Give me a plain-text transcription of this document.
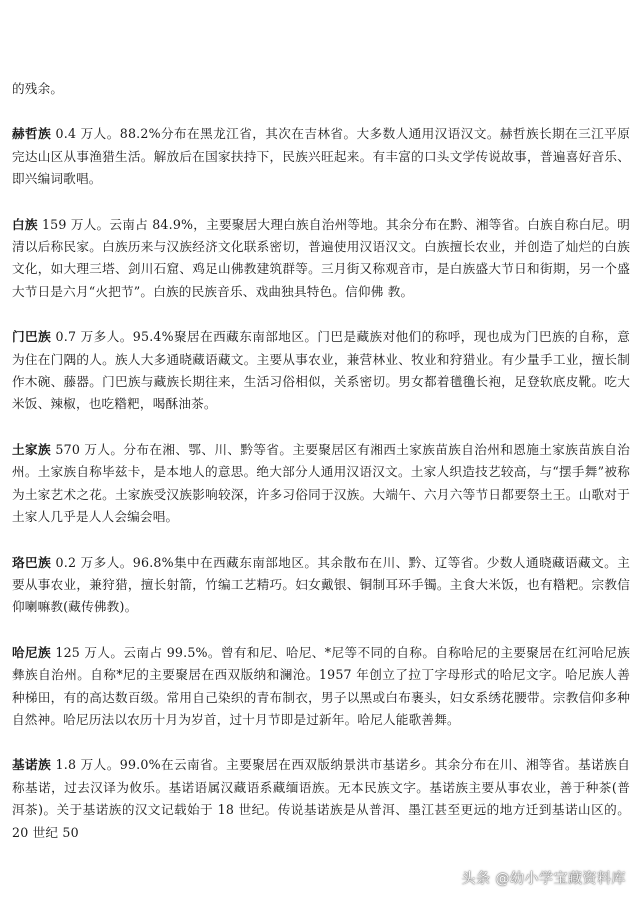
的残余。

赫哲族 0.4 万人。88.2%分布在黑龙江省，其次在吉林省。大多数人通用汉语汉文。赫哲族长期在三江平原完达山区从事渔猎生活。解放后在国家扶持下，民族兴旺起来。有丰富的口头文学传说故事，普遍喜好音乐、即兴编词歌唱。

白族 159 万人。云南占 84.9%，主要聚居大理白族自治州等地。其余分布在黔、湘等省。白族自称白尼。明清以后称民家。白族历来与汉族经济文化联系密切，普遍使用汉语汉文。白族擅长农业，并创造了灿烂的白族文化，如大理三塔、剑川石窟、鸡足山佛教建筑群等。三月街又称观音市，是白族盛大节日和街期，另一个盛大节日是六月“火把节”。白族的民族音乐、戏曲独具特色。信仰佛 教。

门巴族 0.7 万多人。95.4%聚居在西藏东南部地区。门巴是藏族对他们的称呼，现也成为门巴族的自称，意为住在门隅的人。族人大多通晓藏语藏文。主要从事农业，兼营林业、牧业和狩猎业。有少量手工业，擅长制作木碗、藤器。门巴族与藏族长期往来，生活习俗相似，关系密切。男女都着氆氇长袍，足登软底皮靴。吃大米饭、辣椒，也吃糌粑，喝酥油茶。

土家族 570 万人。分布在湘、鄂、川、黔等省。主要聚居区有湘西土家族苗族自治州和恩施土家族苗族自治州。土家族自称毕兹卡，是本地人的意思。绝大部分人通用汉语汉文。土家人织造技艺较高，与“摆手舞”被称为土家艺术之花。土家族受汉族影响较深，许多习俗同于汉族。大端午、六月六等节日都要祭土王。山歌对于土家人几乎是人人会编会唱。

珞巴族 0.2 万多人。96.8%集中在西藏东南部地区。其余散布在川、黔、辽等省。少数人通晓藏语藏文。主要从事农业，兼狩猎，擅长射箭，竹编工艺精巧。妇女戴银、铜制耳环手镯。主食大米饭，也有糌粑。宗教信仰喇嘛教(藏传佛教)。

哈尼族 125 万人。云南占 99.5%。曾有和尼、哈尼、*尼等不同的自称。自称哈尼的主要聚居在红河哈尼族彝族自治州。自称*尼的主要聚居在西双版纳和澜沧。1957 年创立了拉丁字母形式的哈尼文字。哈尼族人善种梯田，有的高达数百级。常用自己染织的青布制衣，男子以黑或白布裹头，妇女系绣花腰带。宗教信仰多种自然神。哈尼历法以农历十月为岁首，过十月节即是过新年。哈尼人能歌善舞。

基诺族 1.8 万人。99.0%在云南省。主要聚居在西双版纳景洪市基诺乡。其余分布在川、湘等省。基诺族自称基诺，过去汉译为攸乐。基诺语属汉藏语系藏缅语族。无本民族文字。基诺族主要从事农业，善于种茶(普洱茶)。关于基诺族的汉文记载始于 18 世纪。传说基诺族是从普洱、墨江甚至更远的地方迁到基诺山区的。20 世纪 50

头条 @幼小学宝藏资料库
